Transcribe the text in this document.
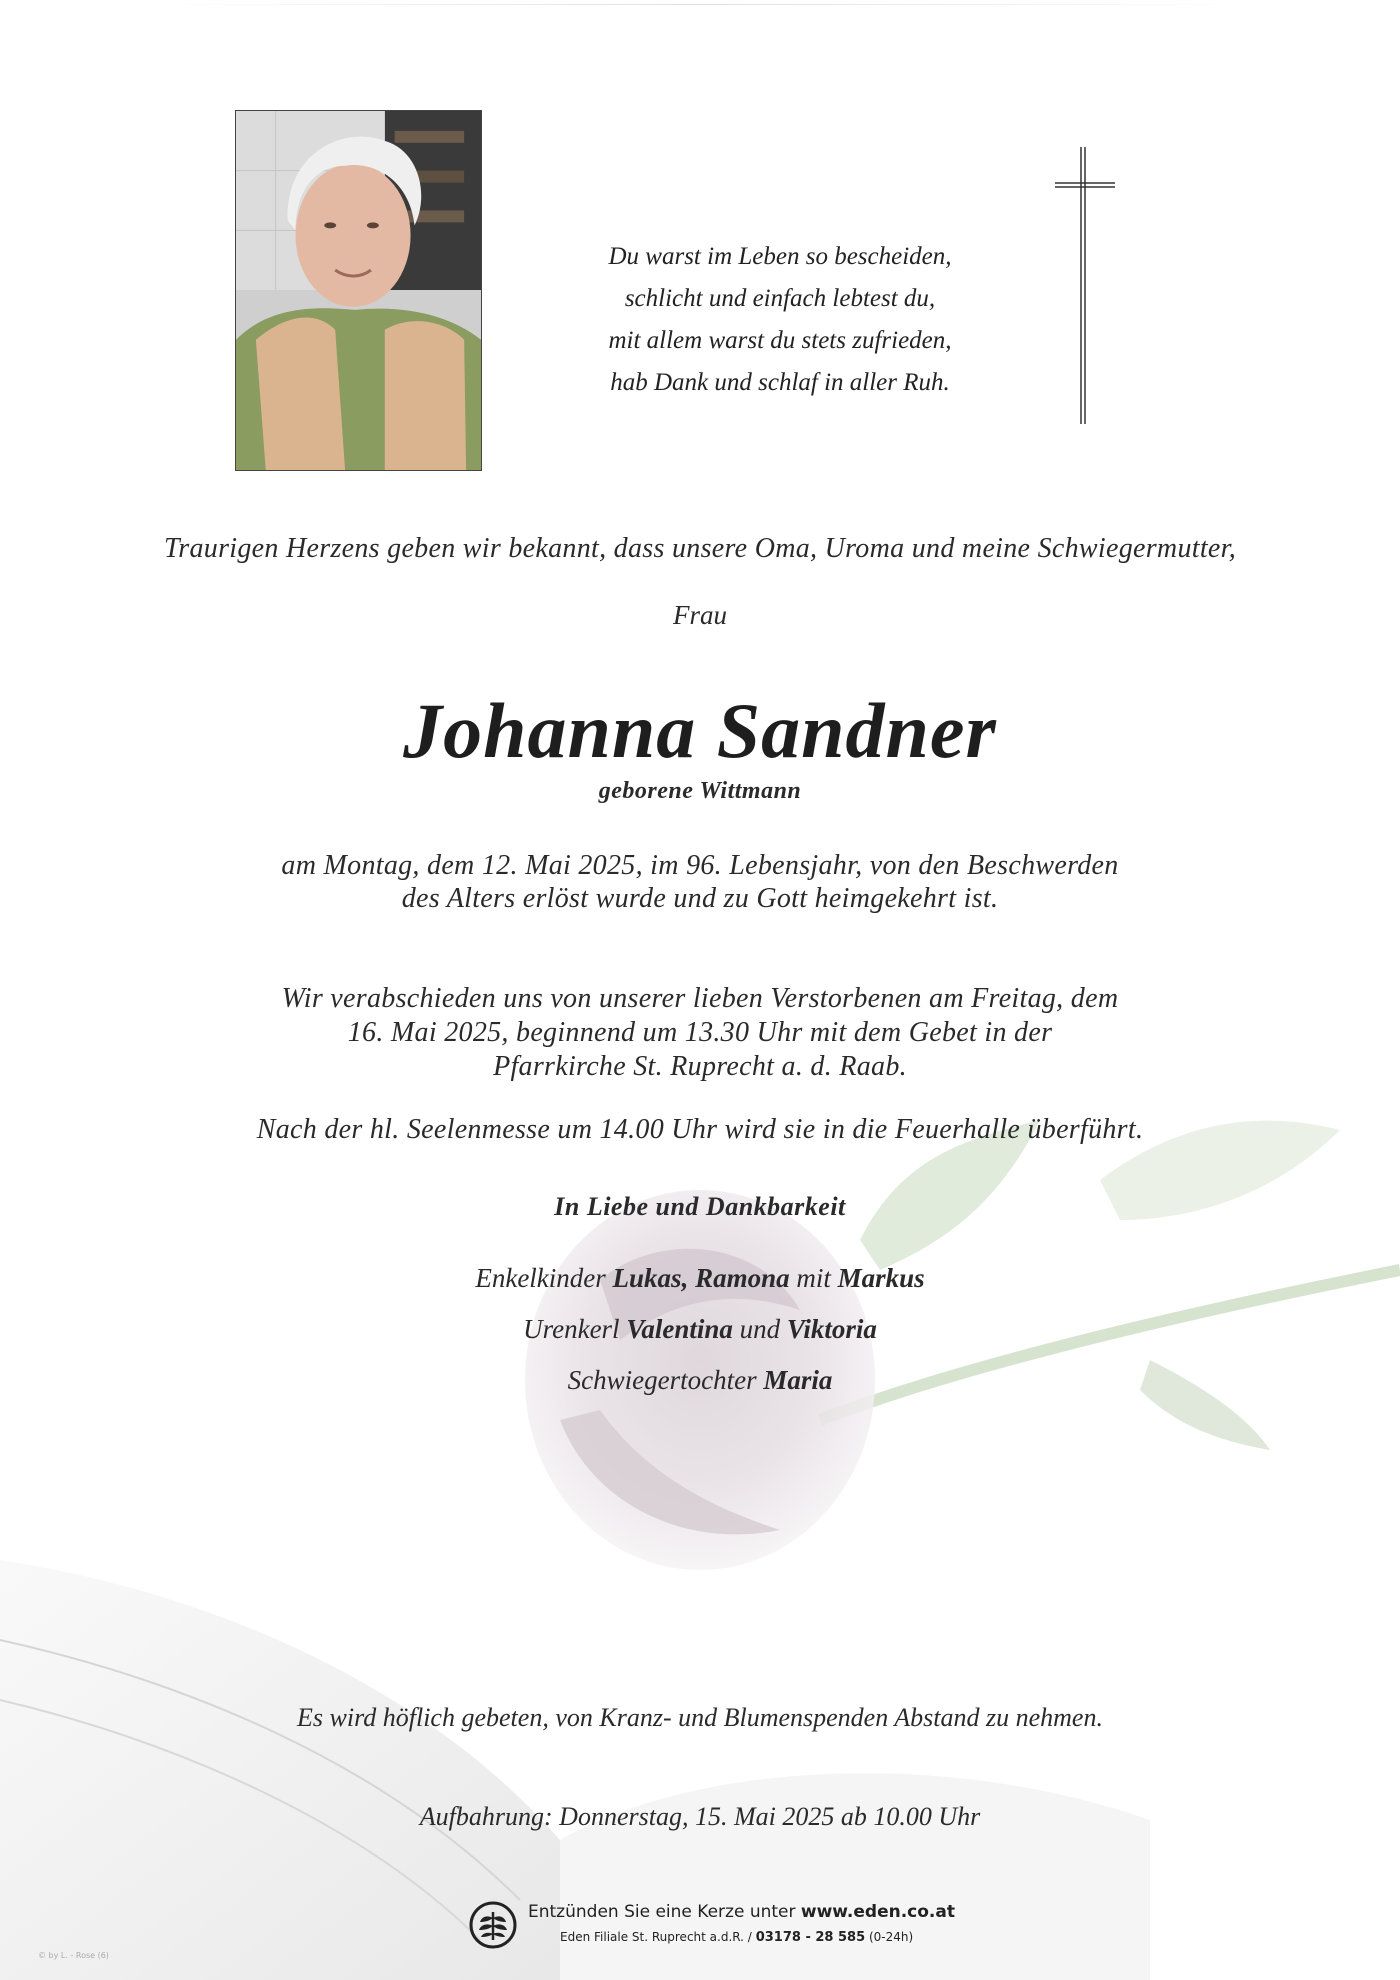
Du warst im Leben so bescheiden,
schlicht und einfach lebtest du,
mit allem warst du stets zufrieden,
hab Dank und schlaf in aller Ruh.
Traurigen Herzens geben wir bekannt, dass unsere Oma, Uroma und meine Schwiegermutter,
Frau
Johanna Sandner
geborene Wittmann
am Montag, dem 12. Mai 2025, im 96. Lebensjahr, von den Beschwerden
des Alters erlöst wurde und zu Gott heimgekehrt ist.
Wir verabschieden uns von unserer lieben Verstorbenen am Freitag, dem
16. Mai 2025, beginnend um 13.30 Uhr mit dem Gebet in der
Pfarrkirche St. Ruprecht a. d. Raab.
Nach der hl. Seelenmesse um 14.00 Uhr wird sie in die Feuerhalle überführt.
In Liebe und Dankbarkeit
Enkelkinder Lukas, Ramona mit Markus
Urenkerl Valentina und Viktoria
Schwiegertochter Maria
Es wird höflich gebeten, von Kranz- und Blumenspenden Abstand zu nehmen.
Aufbahrung: Donnerstag, 15. Mai 2025 ab 10.00 Uhr
Entzünden Sie eine Kerze unter www.eden.co.at
Eden Filiale St. Ruprecht a.d.R. / 03178 - 28 585 (0-24h)
© by L. - Rose (6)
